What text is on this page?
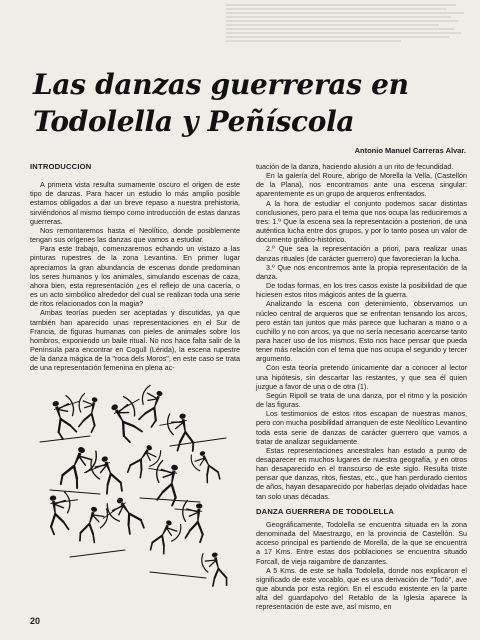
Las danzas guerreras en Todolella y Peñíscola

Antonio Manuel Carreras Alvar.

INTRODUCCION

A primera vista resulta sumamente oscuro el origen de este tipo de danzas. Para hacer un estudio lo más amplio posible estamos obligados a dar un breve repaso a nuestra prehistoria, sirviéndonos al mismo tiempo como introducción de estas danzas guerreras.

Nos remontaremos hasta el Neolítico, donde posiblemente tengan sus orígenes las danzas que vamos a estudiar.

Para este trabajo, comenzaremos echando un vistazo a las pinturas rupestres de la zona Levantina. En primer lugar apreciamos la gran abundancia de escenas donde predominan los seres humanos y los animales, simulando escenas de caza, ahora bien, esta representación ¿es el reflejo de una cacería, o es un acto simbólico alrededor del cual se realizan toda una serie de ritos relacionados con la magia?

Ambas teorías pueden ser aceptadas y discutidas, ya que también han aparecido unas representaciones en el Sur de Francia, de figuras humanas con pieles de animales sobre los hombros, exponiendo un baile ritual. No nos hace falta salir de la Península para encontrar en Cogull (Lérida), la escena rupestre de la danza mágica de la "roca dels Moros", en este caso se trata de una representación femenina en plena ac-

tuación de la danza, haciendo alusión a un rito de fecundidad.

En la galería del Roure, abrigo de Morella la Vella, (Castellón de la Plana), nos encontramos ante una escena singular: aparentemente es un grupo de arqueros enfrentados.

A la hora de estudiar el conjunto podemos sacar distintas conclusiones, pero para el tema que nos ocupa las reduciremos a tres: 1.º Que la escena sea la representación a posteriori, de una auténtica lucha entre dos grupos, y por lo tanto posea un valor de documento gráfico-histórico.

2.º Que sea la representación a priori, para realizar unas danzas rituales (de carácter guerrero) que favorecieran la lucha.

3.º Que nos encontremos ante la propia representación de la danza.

De todas formas, en los tres casos existe la posibilidad de que hiciesen estos ritos mágicos antes de la guerra.

Analizando la escena con detenimiento, observamos un núcleo central de arqueros que se enfrentan tensando los arcos, pero están tan juntos que más parece que lucharan a mano o a cuchillo y no con arcos, ya que no sería necesario acercarse tanto para hacer uso de los mismos. Esto nos hace pensar que pueda tener más relación con el tema que nos ocupa el segundo y tercer argumento.

Con esta teoría pretendo únicamente dar a conocer al lector una hipótesis, sin descartar las restantes, y que sea él quien juzgue a favor de una o de otra (1).

Según Ripoll se trata de una danza, por el ritmo y la posición de las figuras.

Los testimonios de estos ritos escapan de nuestras manos, pero con mucha posibilidad arranquen de este Neolítico Levantino toda esta serie de danzas de carácter guerrero que vamos a tratar de analizar seguidamente.

Estas representaciones ancestrales han estado a punto de desaparecer en muchos lugares de nuestra geografía, y en otros han desaparecido en el transcurso de este siglo. Resulta triste pensar que danzas, ritos, fiestas, etc., que han perdurado cientos de años, hayan desaparecido por haberlas dejado olvidadas hace tan solo unas décadas.

DANZA GUERRERA DE TODOLELLA

Geográficamente, Todolella se encuentra situada en la zona denominada del Maestrazgo, en la provincia de Castellón. Su acceso principal es partiendo de Morella, de la que se encuentra a 17 Kms. Entre estas dos poblaciones se encuentra situado Forcall, de vieja raigambre de danzantes.

A 5 Kms. de este se halla Todolella, donde nos explicaron el significado de este vocablo, que es una derivación de "Todó", ave que abunda por esta región. En el escudo existente en la parte alta del guardapolvo del Retablo de la Iglesia aparece la representación de este ave, así mismo, en

20
